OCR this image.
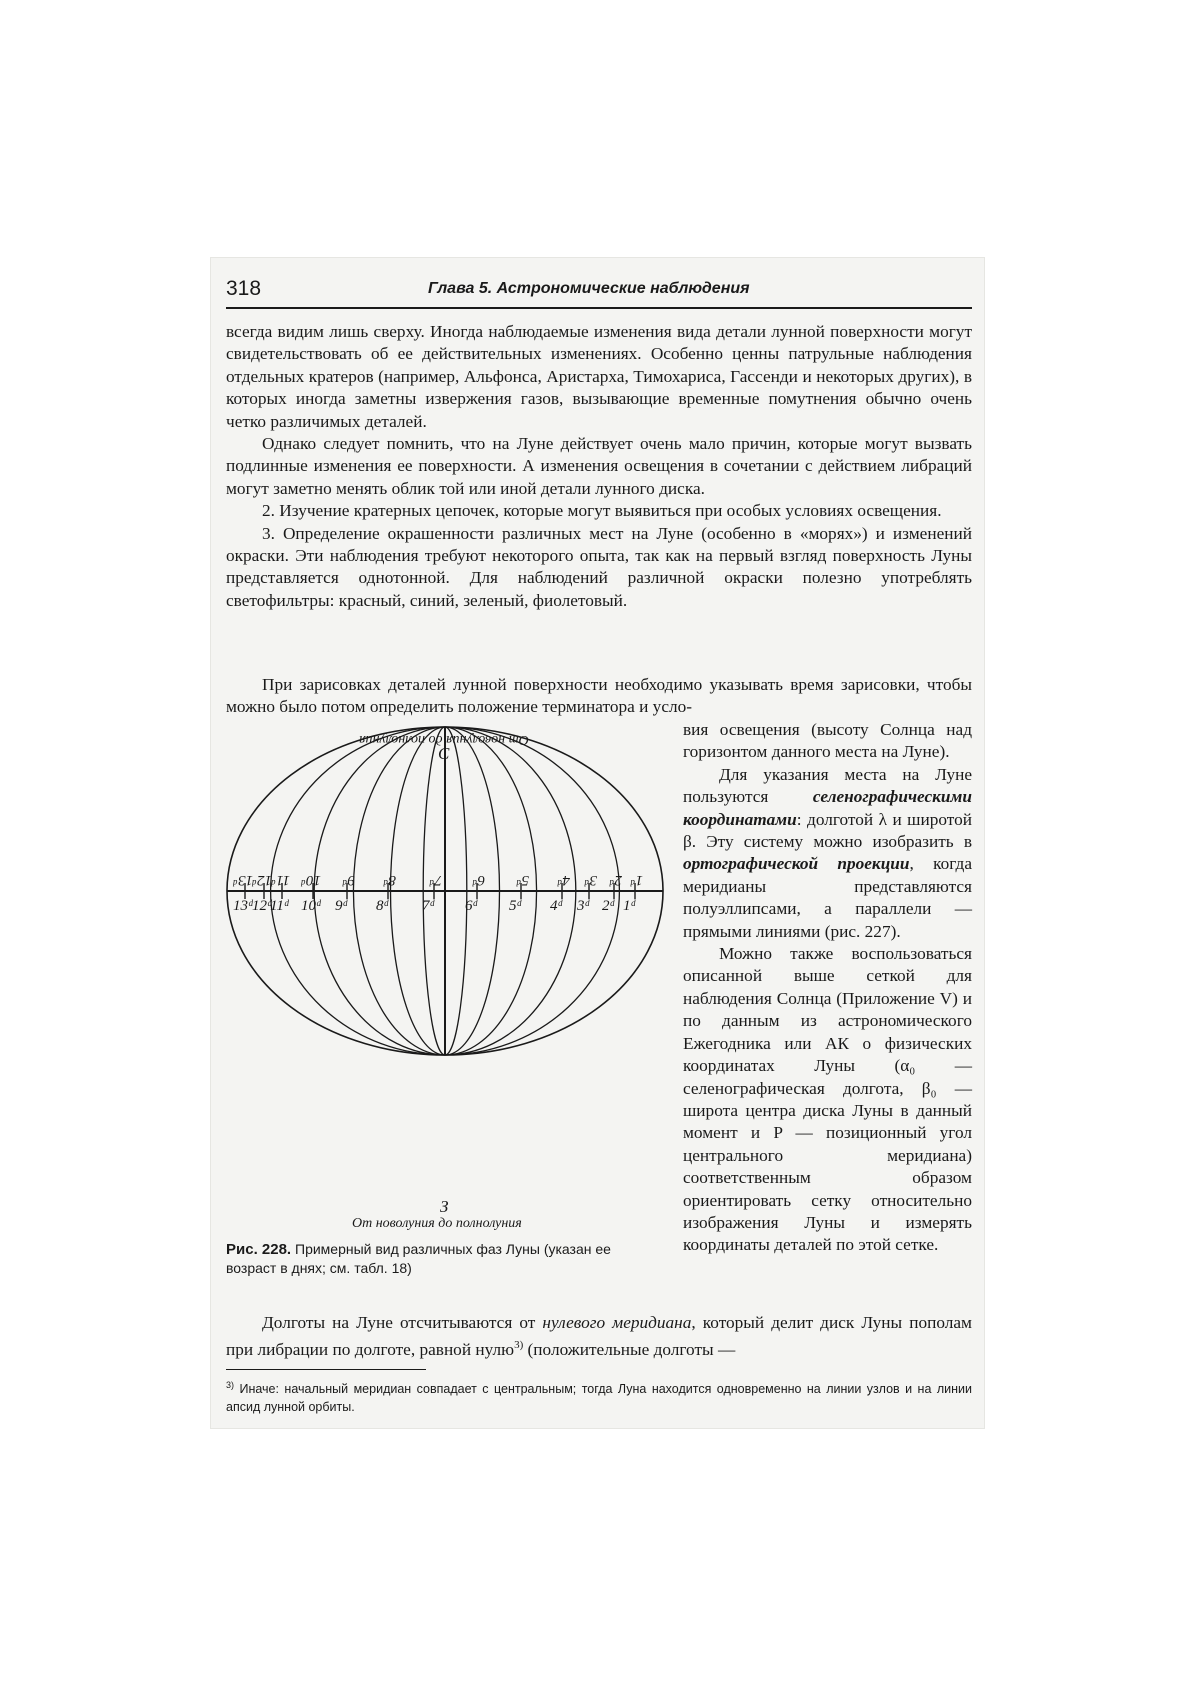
318	Глава 5. Астрономические наблюдения

всегда видим лишь сверху. Иногда наблюдаемые изменения вида детали лунной поверхности могут свидетельствовать об ее действительных изменениях. Особенно ценны патрульные наблюдения отдельных кратеров (например, Альфонса, Аристарха, Тимохариса, Гассенди и некоторых других), в которых иногда заметны извержения газов, вызывающие временные помутнения обычно очень четко различимых деталей.

Однако следует помнить, что на Луне действует очень мало причин, которые могут вызвать подлинные изменения ее поверхности. А изменения освещения в сочетании с действием либраций могут заметно менять облик той или иной детали лунного диска.

2. Изучение кратерных цепочек, которые могут выявиться при особых условиях освещения.

3. Определение окрашенности различных мест на Луне (особенно в «морях») и изменений окраски. Эти наблюдения требуют некоторого опыта, так как на первый взгляд поверхность Луны представляется однотонной. Для наблюдений различной окраски полезно употреблять светофильтры: красный, синий, зеленый, фиолетовый.

При зарисовках деталей лунной поверхности необходимо указывать время зарисовки, чтобы можно было потом определить положение терминатора и усло-

вия освещения (высоту Солнца над горизонтом данного места на Луне).

Для указания места на Луне пользуются селенографическими координатами: долготой λ и широтой β. Эту систему можно изобразить в ортографической проекции, когда меридианы представляются полуэллипсами, а параллели — прямыми линиями (рис. 227).

Можно также воспользоваться описанной выше сеткой для наблюдения Солнца (Приложение V) и по данным из астрономического Ежегодника или АК о физических координатах Луны (α₀ — селенографическая долгота, β₀ — широта центра диска Луны в данный момент и P — позиционный угол центрального меридиана) соответственным образом ориентировать сетку относительно изображения Луны и измерять координаты деталей по этой сетке.

От новолуния до полнолуния
С
13ᵈ 12ᵈ 11ᵈ 10ᵈ 9ᵈ 8ᵈ 7ᵈ 6ᵈ 5ᵈ 4ᵈ 3ᵈ 2ᵈ 1ᵈ
13ᵈ 12ᵈ
11ᵈ 10ᵈ 9ᵈ 8ᵈ 7ᵈ 6ᵈ 5ᵈ 4ᵈ 3ᵈ 2ᵈ 1ᵈ
З
От новолуния до полнолуния
Рис. 228. Примерный вид различных фаз Луны (указан ее возраст в днях; см. табл. 18)

Долготы на Луне отсчитываются от нулевого меридиана, который делит диск Луны пополам при либрации по долготе, равной нулю$^{3)}$ (положительные долготы —

$^{3)}$ Иначе: начальный меридиан совпадает с центральным; тогда Луна находится одновременно на линии узлов и на линии апсид лунной орбиты.
